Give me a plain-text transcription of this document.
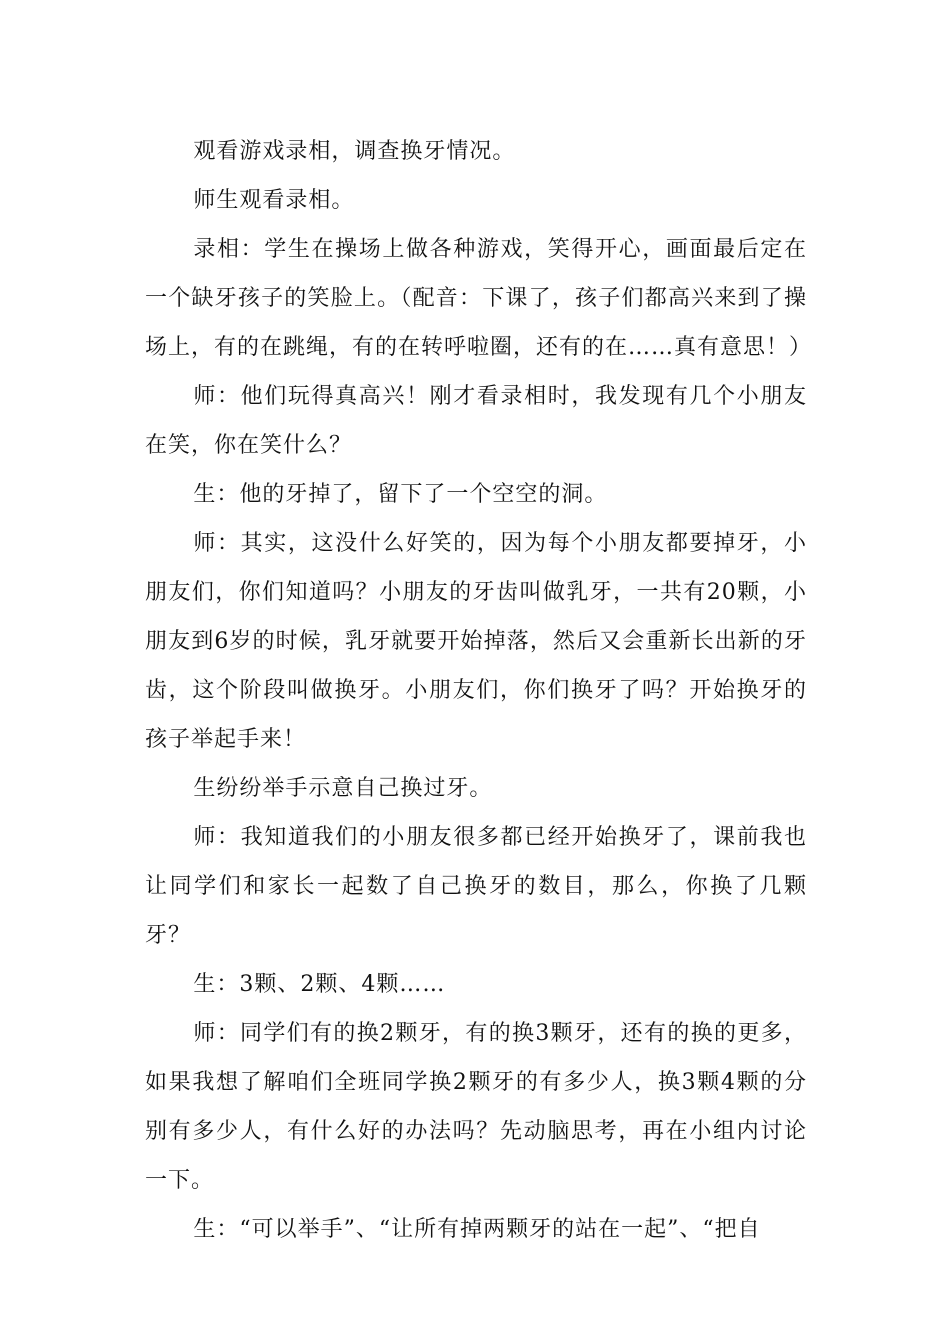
观看游戏录相，调查换牙情况。

师生观看录相。

录相：学生在操场上做各种游戏，笑得开心，画面最后定在一个缺牙孩子的笑脸上。（配音：下课了，孩子们都高兴来到了操场上，有的在跳绳，有的在转呼啦圈，还有的在……真有意思！）

师：他们玩得真高兴！刚才看录相时，我发现有几个小朋友在笑，你在笑什么？

生：他的牙掉了，留下了一个空空的洞。

师：其实，这没什么好笑的，因为每个小朋友都要掉牙，小朋友们，你们知道吗？小朋友的牙齿叫做乳牙，一共有20颗，小朋友到6岁的时候，乳牙就要开始掉落，然后又会重新长出新的牙齿，这个阶段叫做换牙。小朋友们，你们换牙了吗？开始换牙的孩子举起手来！

生纷纷举手示意自己换过牙。

师：我知道我们的小朋友很多都已经开始换牙了，课前我也让同学们和家长一起数了自己换牙的数目，那么，你换了几颗牙？

生：3颗、2颗、4颗……

师：同学们有的换2颗牙，有的换3颗牙，还有的换的更多，如果我想了解咱们全班同学换2颗牙的有多少人，换3颗4颗的分别有多少人，有什么好的办法吗？先动脑思考，再在小组内讨论一下。

生：“可以举手”、“让所有掉两颗牙的站在一起”、“把自
